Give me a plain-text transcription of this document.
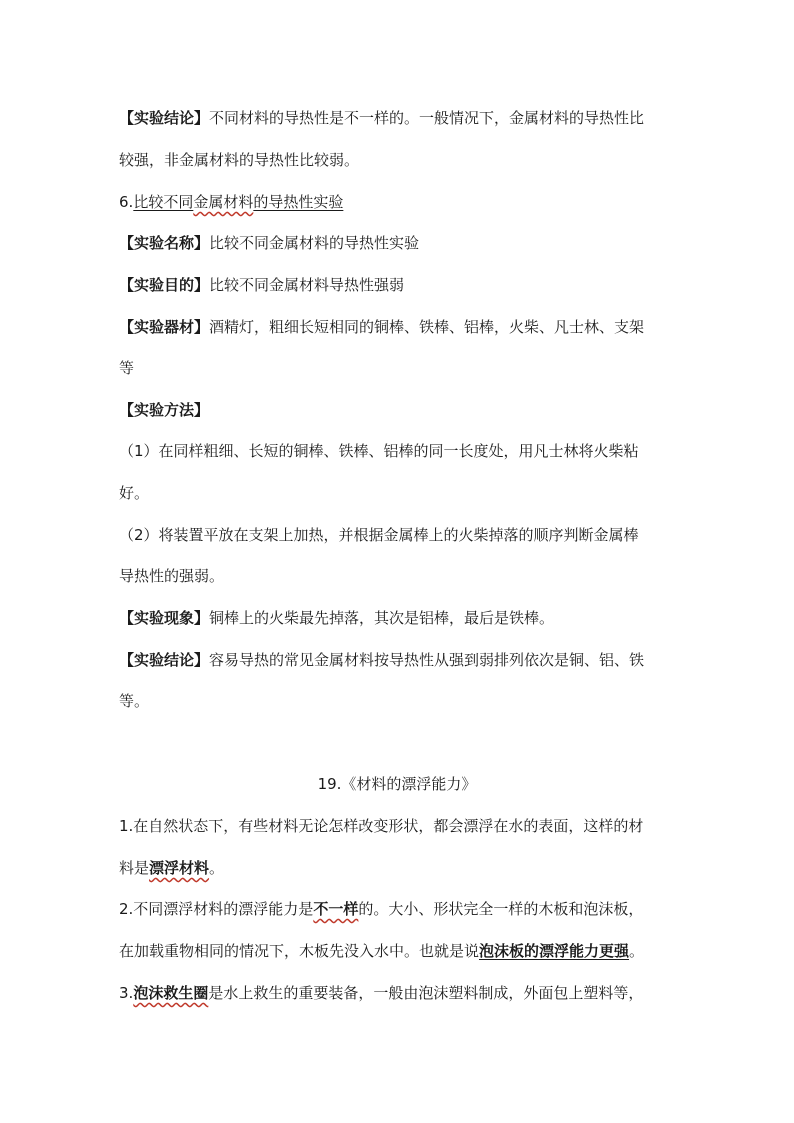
【实验结论】不同材料的导热性是不一样的。一般情况下，金属材料的导热性比
较强，非金属材料的导热性比较弱。
6.比较不同金属材料的导热性实验
【实验名称】比较不同金属材料的导热性实验
【实验目的】比较不同金属材料导热性强弱
【实验器材】酒精灯，粗细长短相同的铜棒、铁棒、铝棒，火柴、凡士林、支架
等
【实验方法】
（1）在同样粗细、长短的铜棒、铁棒、铝棒的同一长度处，用凡士林将火柴粘
好。
（2）将装置平放在支架上加热，并根据金属棒上的火柴掉落的顺序判断金属棒
导热性的强弱。
【实验现象】铜棒上的火柴最先掉落，其次是铝棒，最后是铁棒。
【实验结论】容易导热的常见金属材料按导热性从强到弱排列依次是铜、铝、铁
等。
19.《材料的漂浮能力》
1.在自然状态下，有些材料无论怎样改变形状，都会漂浮在水的表面，这样的材
料是漂浮材料。
2.不同漂浮材料的漂浮能力是不一样的。大小、形状完全一样的木板和泡沫板，
在加载重物相同的情况下，木板先没入水中。也就是说泡沫板的漂浮能力更强。
3.泡沫救生圈是水上救生的重要装备，一般由泡沫塑料制成，外面包上塑料等，
